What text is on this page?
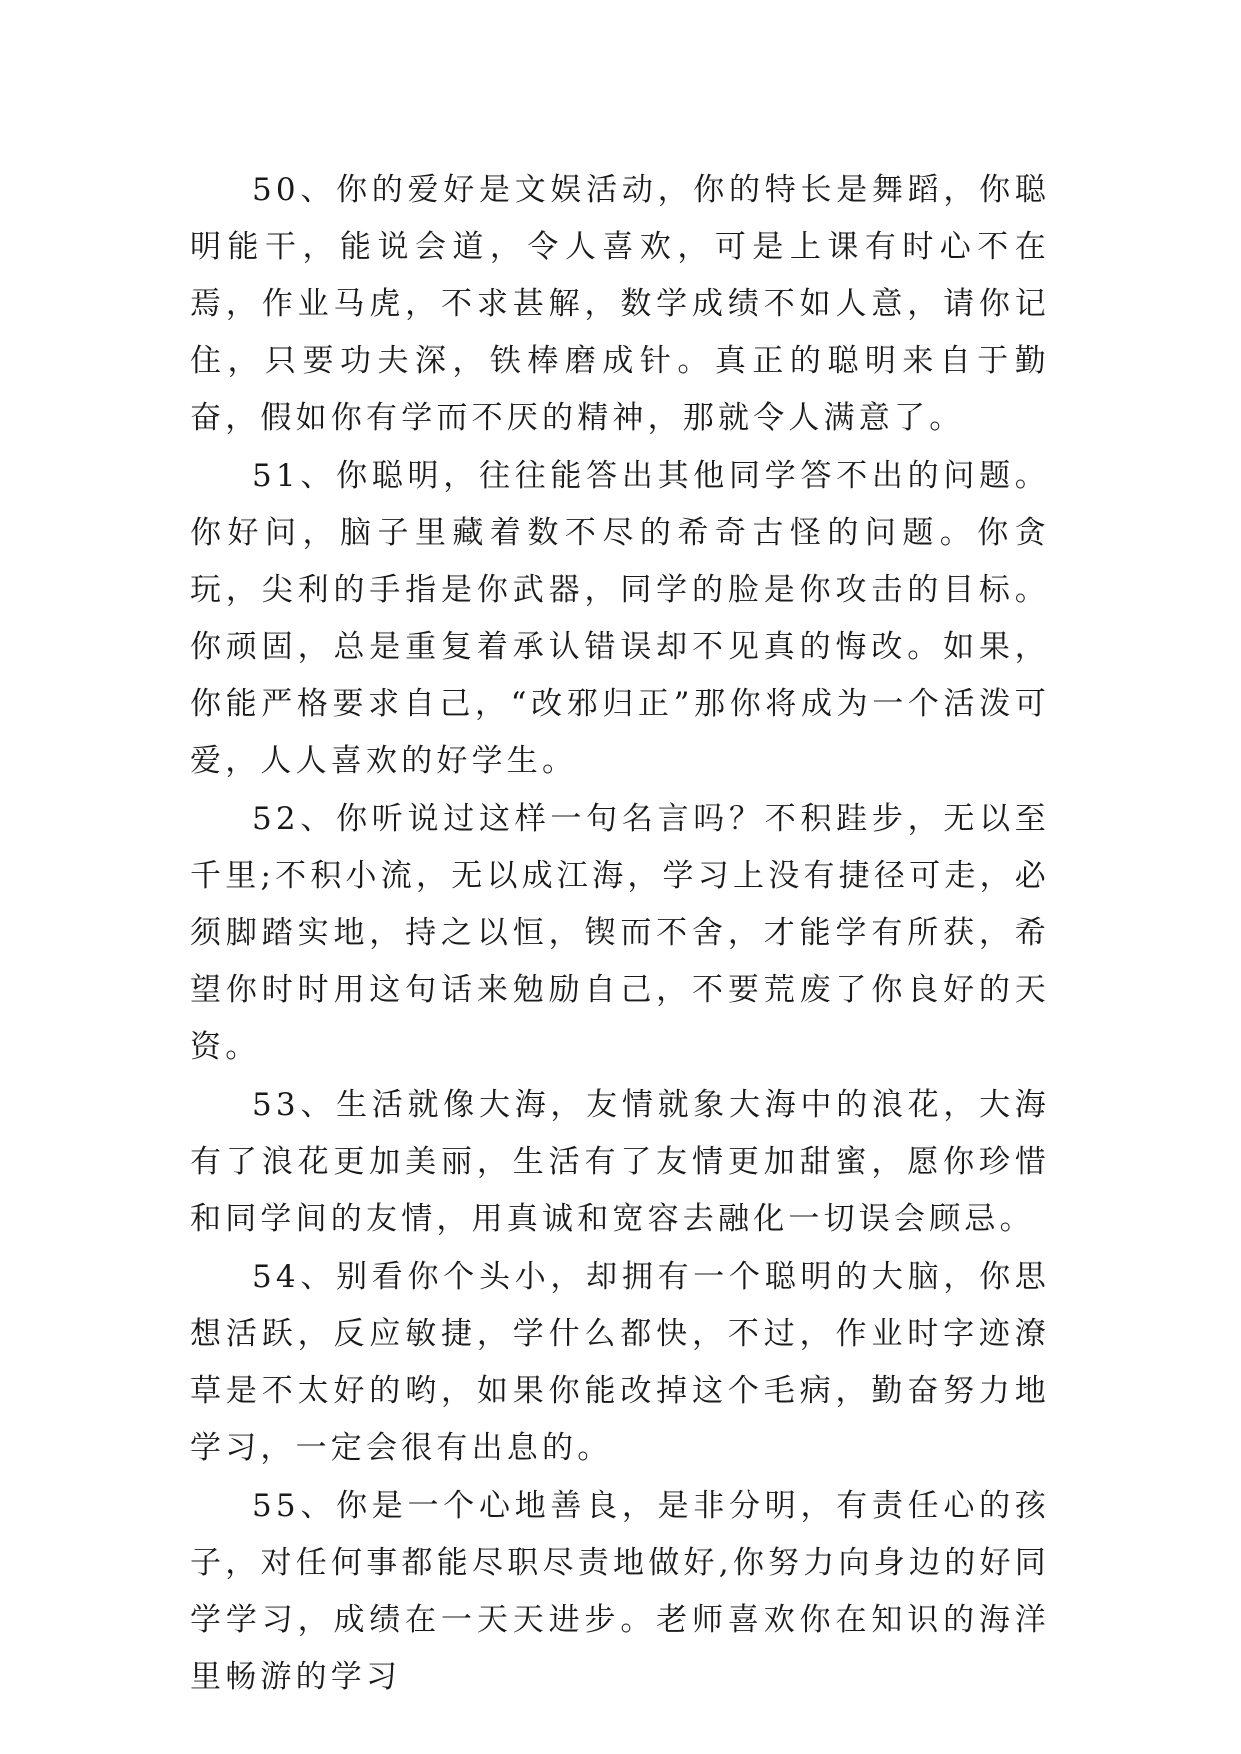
50、你的爱好是文娱活动，你的特长是舞蹈，你聪明能干，能说会道，令人喜欢，可是上课有时心不在焉，作业马虎，不求甚解，数学成绩不如人意，请你记住，只要功夫深，铁棒磨成针。真正的聪明来自于勤奋，假如你有学而不厌的精神，那就令人满意了。

51、你聪明，往往能答出其他同学答不出的问题。你好问，脑子里藏着数不尽的希奇古怪的问题。你贪玩，尖利的手指是你武器，同学的脸是你攻击的目标。你顽固，总是重复着承认错误却不见真的悔改。如果，你能严格要求自己，“改邪归正”那你将成为一个活泼可爱，人人喜欢的好学生。

52、你听说过这样一句名言吗？不积跬步，无以至千里;不积小流，无以成江海，学习上没有捷径可走，必须脚踏实地，持之以恒，锲而不舍，才能学有所获，希望你时时用这句话来勉励自己，不要荒废了你良好的天资。

53、生活就像大海，友情就象大海中的浪花，大海有了浪花更加美丽，生活有了友情更加甜蜜，愿你珍惜和同学间的友情，用真诚和宽容去融化一切误会顾忌。

54、别看你个头小，却拥有一个聪明的大脑，你思想活跃，反应敏捷，学什么都快，不过，作业时字迹潦草是不太好的哟，如果你能改掉这个毛病，勤奋努力地学习，一定会很有出息的。

55、你是一个心地善良，是非分明，有责任心的孩子，对任何事都能尽职尽责地做好,你努力向身边的好同学学习，成绩在一天天进步。老师喜欢你在知识的海洋里畅游的学习
